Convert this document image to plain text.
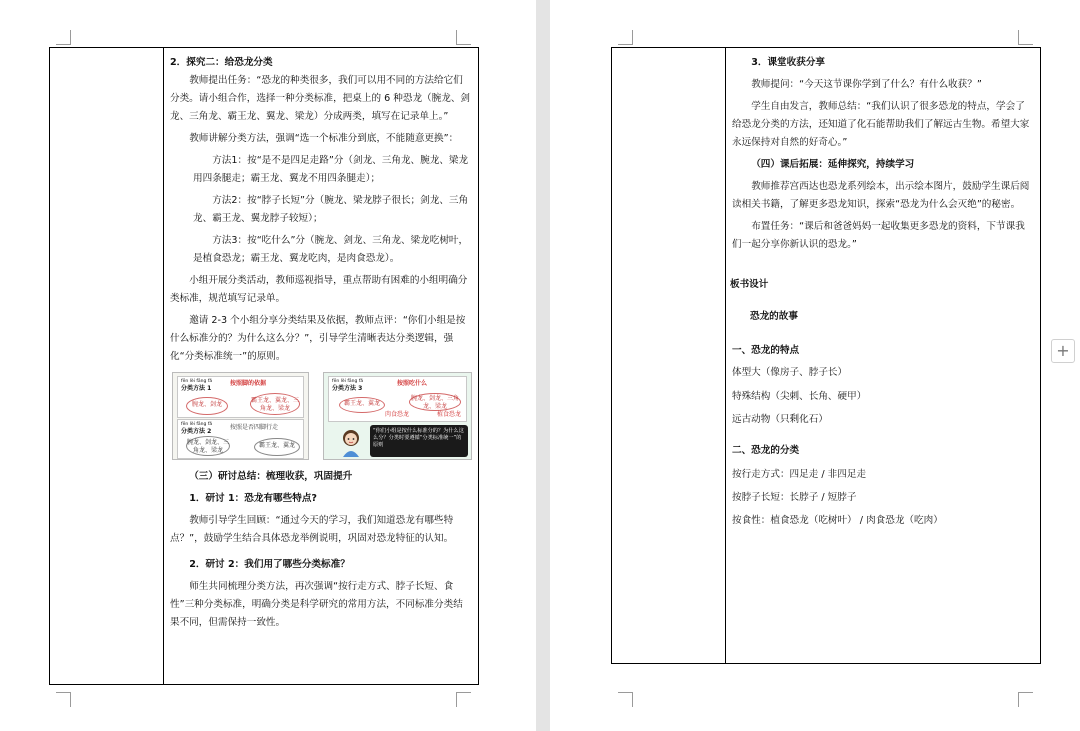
2．探究二：给恐龙分类

教师提出任务：“恐龙的种类很多，我们可以用不同的方法给它们分类。请小组合作，选择一种分类标准，把桌上的 6 种恐龙（腕龙、剑龙、三角龙、霸王龙、翼龙、梁龙）分成两类，填写在记录单上。”

教师讲解分类方法，强调“选一个标准分到底，不能随意更换”：

方法1：按“是不是四足走路”分（剑龙、三角龙、腕龙、梁龙用四条腿走；霸王龙、翼龙不用四条腿走）；

方法2：按“脖子长短”分（腕龙、梁龙脖子很长；剑龙、三角龙、霸王龙、翼龙脖子较短）；

方法3：按“吃什么”分（腕龙、剑龙、三角龙、梁龙吃树叶，是植食恐龙；霸王龙、翼龙吃肉，是肉食恐龙）。

小组开展分类活动，教师巡视指导，重点帮助有困难的小组明确分类标准，规范填写记录单。

邀请 2-3 个小组分享分类结果及依据，教师点评：“你们小组是按什么标准分的？为什么这么分？”，引导学生清晰表达分类逻辑，强化“分类标准统一”的原则。

fēn lèi fāng fǎ
分类方法 1
按照脚的依据
腕龙、剑龙
霸王龙、翼龙、三角龙、梁龙
fēn lèi fāng fǎ
分类方法 2
按照是否四脚行走
腕龙、剑龙、三角龙、梁龙
霸王龙、翼龙
fēn lèi fāng fǎ
分类方法 3
按照吃什么
霸王龙、翼龙
肉食恐龙
腕龙、剑龙、三角龙、梁龙
植食恐龙
“你们小组是按什么标准分的？为什么这么分？分类时要遵循“分类标准统一”的原则

（三）研讨总结：梳理收获，巩固提升

1．研讨 1：恐龙有哪些特点?

教师引导学生回顾：“通过今天的学习，我们知道恐龙有哪些特点？”，鼓励学生结合具体恐龙举例说明，巩固对恐龙特征的认知。

2．研讨 2：我们用了哪些分类标准？

师生共同梳理分类方法，再次强调“按行走方式、脖子长短、食性”三种分类标准，明确分类是科学研究的常用方法，不同标准分类结果不同，但需保持一致性。

3．课堂收获分享

教师提问：“今天这节课你学到了什么？有什么收获？”

学生自由发言，教师总结：“我们认识了很多恐龙的特点，学会了给恐龙分类的方法，还知道了化石能帮助我们了解远古生物。希望大家永远保持对自然的好奇心。”

（四）课后拓展：延伸探究，持续学习

教师推荐宫西达也恐龙系列绘本，出示绘本图片，鼓励学生课后阅读相关书籍，了解更多恐龙知识，探索“恐龙为什么会灭绝”的秘密。

布置任务：“课后和爸爸妈妈一起收集更多恐龙的资料，下节课我们一起分享你新认识的恐龙。”

板书设计

恐龙的故事

一、恐龙的特点

体型大（像房子、脖子长）

特殊结构（尖刺、长角、硬甲）

远古动物（只剩化石）

二、恐龙的分类

按行走方式：四足走 / 非四足走

按脖子长短：长脖子 / 短脖子

按食性：植食恐龙（吃树叶） / 肉食恐龙（吃肉）

+
